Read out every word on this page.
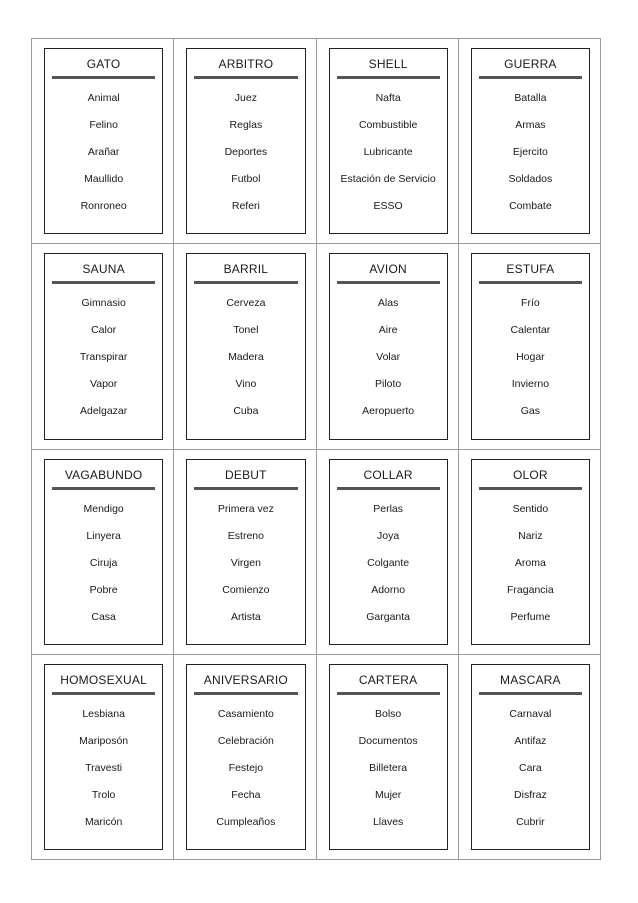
GATO
Animal
Felino
Arañar
Maullido
Ronroneo
ARBITRO
Juez
Reglas
Deportes
Futbol
Referi
SHELL
Nafta
Combustible
Lubricante
Estación de Servicio
ESSO
GUERRA
Batalla
Armas
Ejercito
Soldados
Combate
SAUNA
Gimnasio
Calor
Transpirar
Vapor
Adelgazar
BARRIL
Cerveza
Tonel
Madera
Vino
Cuba
AVION
Alas
Aire
Volar
Piloto
Aeropuerto
ESTUFA
Frío
Calentar
Hogar
Invierno
Gas
VAGABUNDO
Mendigo
Linyera
Ciruja
Pobre
Casa
DEBUT
Primera vez
Estreno
Virgen
Comienzo
Artista
COLLAR
Perlas
Joya
Colgante
Adorno
Garganta
OLOR
Sentido
Nariz
Aroma
Fragancia
Perfume
HOMOSEXUAL
Lesbiana
Mariposón
Travesti
Trolo
Maricón
ANIVERSARIO
Casamiento
Celebración
Festejo
Fecha
Cumpleaños
CARTERA
Bolso
Documentos
Billetera
Mujer
Llaves
MASCARA
Carnaval
Antifaz
Cara
Disfraz
Cubrir
